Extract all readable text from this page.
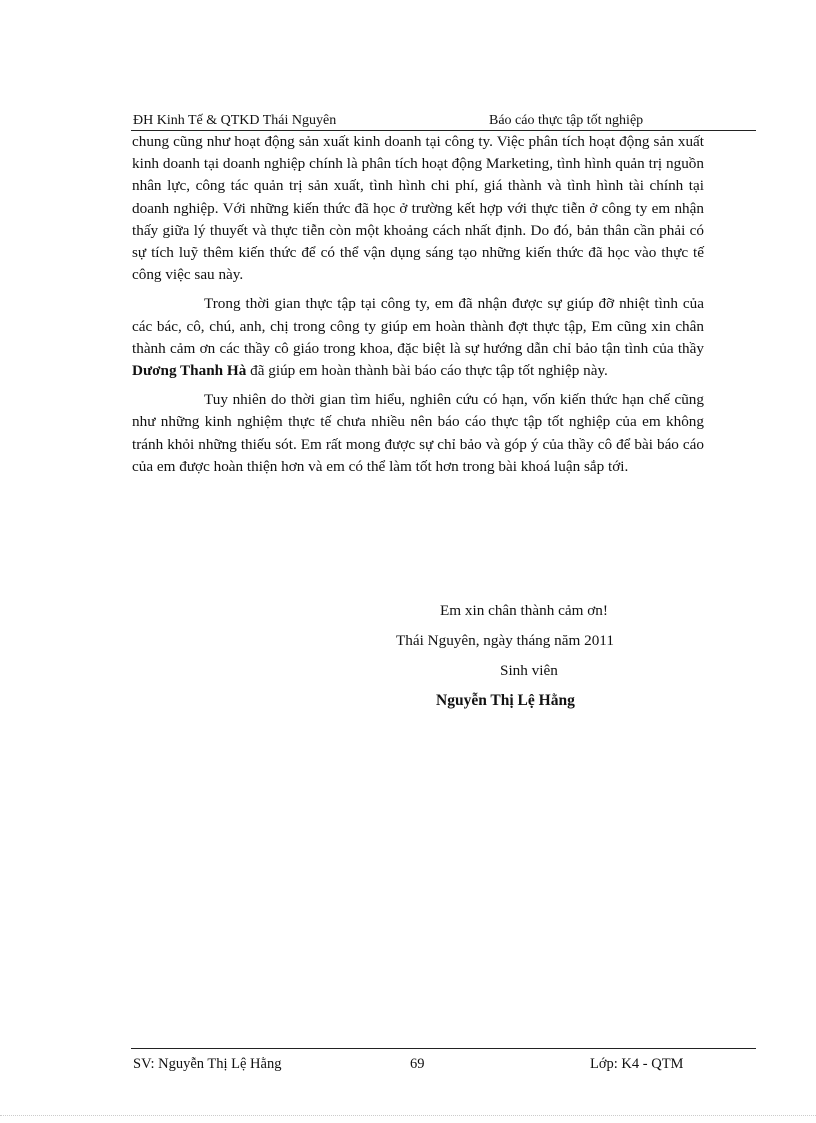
ĐH Kinh Tế & QTKD Thái Nguyên	Báo cáo thực tập tốt nghiệp

chung cũng như hoạt động sản xuất kinh doanh tại công ty. Việc phân tích hoạt động sản xuất kinh doanh tại doanh nghiệp chính là phân tích hoạt động Marketing, tình hình quản trị nguồn nhân lực, công tác quản trị sản xuất, tình hình chi phí, giá thành và tình hình tài chính tại doanh nghiệp. Với những kiến thức đã học ở trường kết hợp với thực tiễn ở công ty em nhận thấy giữa lý thuyết và thực tiễn còn một khoảng cách nhất định. Do đó, bản thân cần phải có sự tích luỹ thêm kiến thức để có thể vận dụng sáng tạo những kiến thức đã học vào thực tế công việc sau này.

Trong thời gian thực tập tại công ty, em đã nhận được sự giúp đỡ nhiệt tình của các bác, cô, chú, anh, chị trong công ty giúp em hoàn thành đợt thực tập, Em cũng xin chân thành cảm ơn các thầy cô giáo trong khoa, đặc biệt là sự hướng dẫn chỉ bảo tận tình của thầy Dương Thanh Hà đã giúp em hoàn thành bài báo cáo thực tập tốt nghiệp này.

Tuy nhiên do thời gian tìm hiểu, nghiên cứu có hạn, vốn kiến thức hạn chế cũng như những kinh nghiệm thực tế chưa nhiều nên báo cáo thực tập tốt nghiệp của em không tránh khỏi những thiếu sót. Em rất mong được sự chỉ bảo và góp ý của thầy cô để bài báo cáo của em được hoàn thiện hơn và em có thể làm tốt hơn trong bài khoá luận sắp tới.

Em xin chân thành cảm ơn!
Thái Nguyên, ngày tháng năm 2011
Sinh viên
Nguyễn Thị Lệ Hằng
SV: Nguyễn Thị Lệ Hằng	69	Lớp: K4 - QTM
